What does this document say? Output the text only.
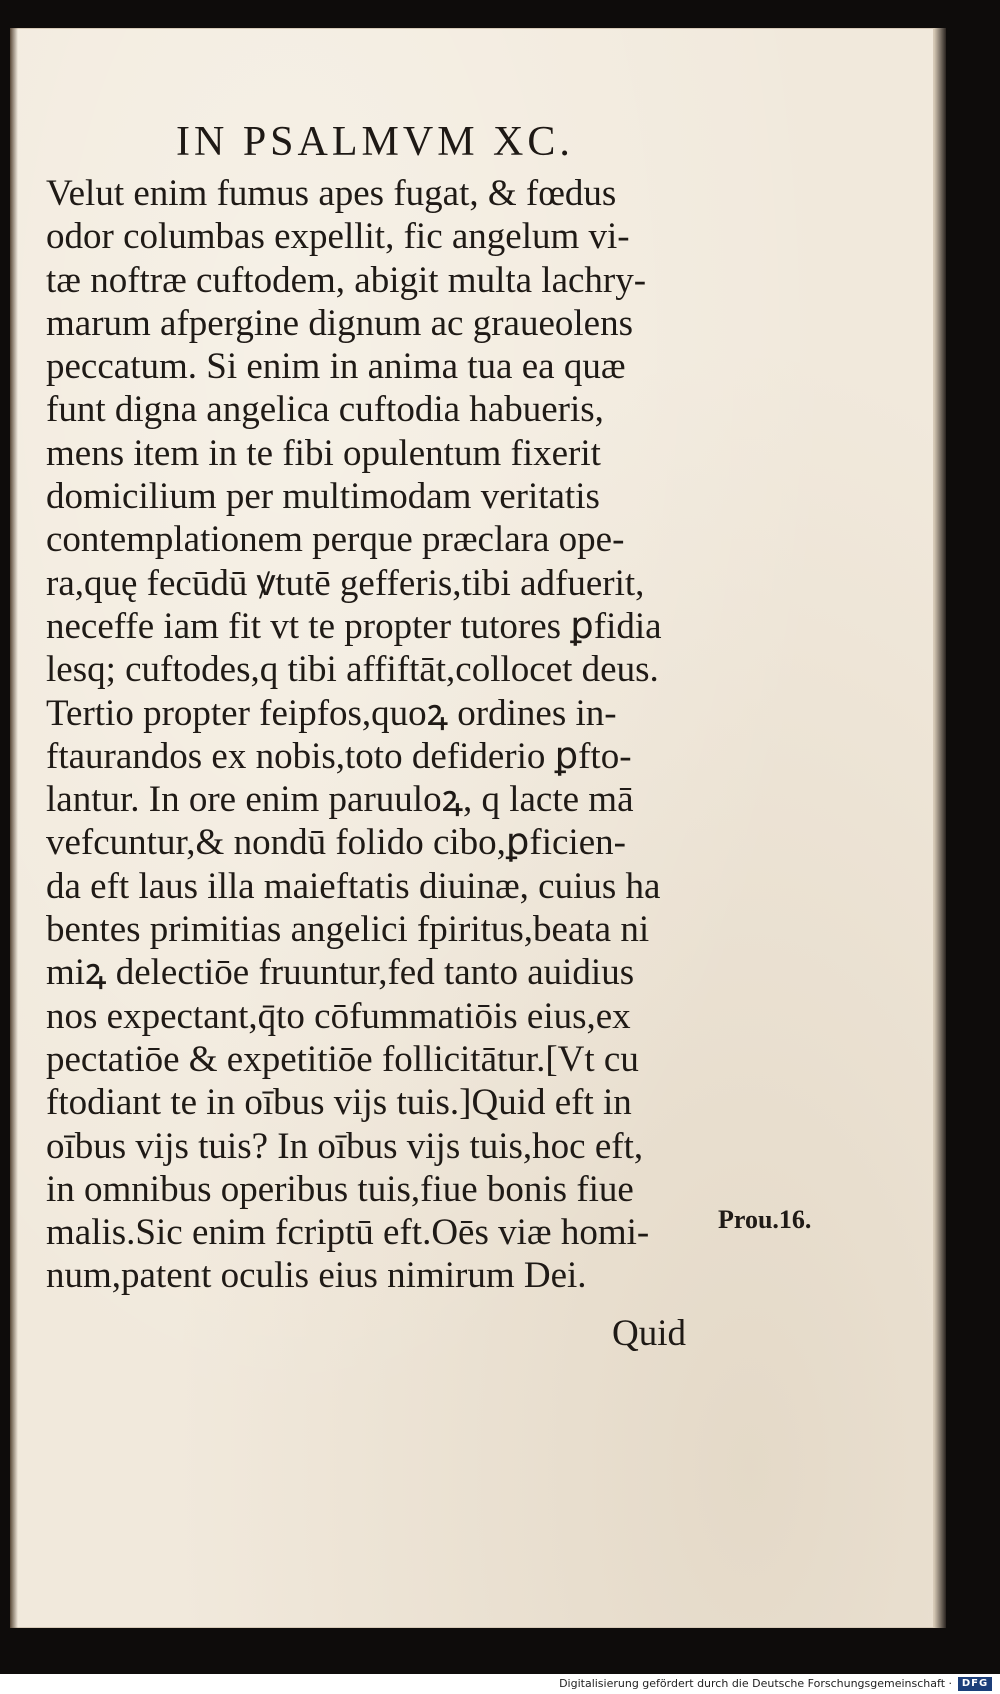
IN PSALMVM XC.
Velut enim fumus apes fugat, & fœdus
odor columbas expellit, fic angelum vi-
tæ noftræ cuftodem, abigit multa lachry-
marum afpergine dignum ac graueolens
peccatum. Si enim in anima tua ea quæ
funt digna angelica cuftodia habueris,
mens item in te fibi opulentum fixerit
domicilium per multimodam veritatis
contemplationem perque præclara ope-
ra,quę fecūdū ꝟtutē gefferis,tibi adfuerit,
neceffe iam fit vt te propter tutores ꝑfidia
lesq; cuftodes,q tibi affiftāt,collocet deus.
Tertio propter feipfos,quoꝝ ordines in-
ftaurandos ex nobis,toto defiderio ꝑfto-
lantur. In ore enim paruuloꝝ, q lacte mā
vefcuntur,& nondū folido cibo,ꝑficien-
da eft laus illa maieftatis diuinæ, cuius ha
bentes primitias angelici fpiritus,beata ni
miꝝ delectiōe fruuntur,fed tanto auidius
nos expectant,q̄to cōfummatiōis eius,ex
pectatiōe & expetitiōe follicitātur.[Vt cu
ftodiant te in oībus vijs tuis.]Quid eft in
oībus vijs tuis? In oībus vijs tuis,hoc eft,
in omnibus operibus tuis,fiue bonis fiue
malis.Sic enim fcriptū eft.Oēs viæ homi-
num,patent oculis eius nimirum Dei.
Prou.16.
Quid
Digitalisierung gefördert durch die Deutsche Forschungsgemeinschaft · DFG
